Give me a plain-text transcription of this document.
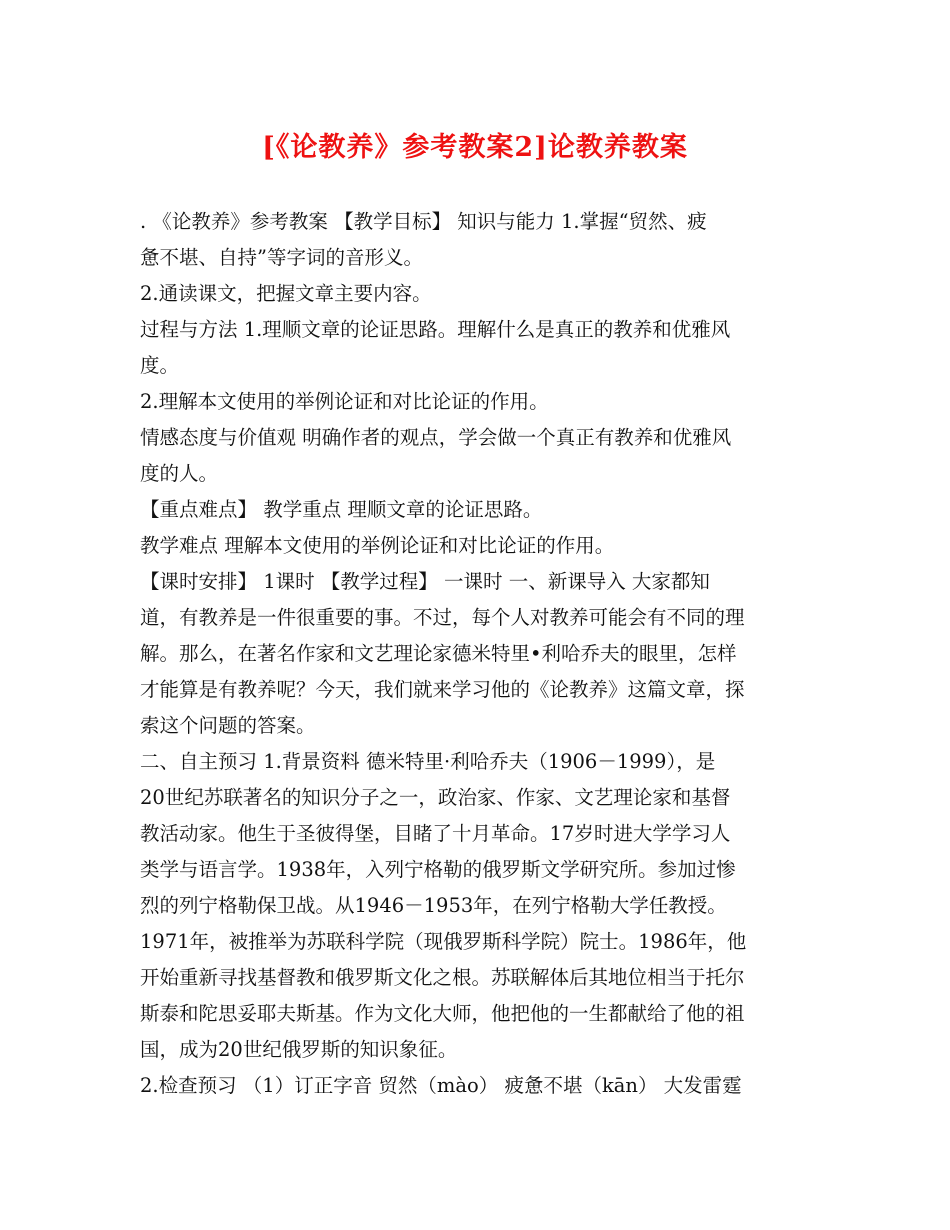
[《论教养》参考教案2]论教养教案
. 《论教养》参考教案 【教学目标】 知识与能力 1.掌握“贸然、疲
惫不堪、自持”等字词的音形义。
2.通读课文，把握文章主要内容。
过程与方法 1.理顺文章的论证思路。理解什么是真正的教养和优雅风
度。
2.理解本文使用的举例论证和对比论证的作用。
情感态度与价值观 明确作者的观点，学会做一个真正有教养和优雅风
度的人。
【重点难点】 教学重点 理顺文章的论证思路。
教学难点 理解本文使用的举例论证和对比论证的作用。
【课时安排】 1课时 【教学过程】 一课时 一、新课导入 大家都知
道，有教养是一件很重要的事。不过，每个人对教养可能会有不同的理
解。那么，在著名作家和文艺理论家德米特里•利哈乔夫的眼里，怎样
才能算是有教养呢？今天，我们就来学习他的《论教养》这篇文章，探
索这个问题的答案。
二、自主预习 1.背景资料 德米特里·利哈乔夫（1906－1999），是
20世纪苏联著名的知识分子之一，政治家、作家、文艺理论家和基督
教活动家。他生于圣彼得堡，目睹了十月革命。17岁时进大学学习人
类学与语言学。1938年，入列宁格勒的俄罗斯文学研究所。参加过惨
烈的列宁格勒保卫战。从1946－1953年，在列宁格勒大学任教授。
1971年，被推举为苏联科学院（现俄罗斯科学院）院士。1986年，他
开始重新寻找基督教和俄罗斯文化之根。苏联解体后其地位相当于托尔
斯泰和陀思妥耶夫斯基。作为文化大师，他把他的一生都献给了他的祖
国，成为20世纪俄罗斯的知识象征。
2.检查预习 （1）订正字音 贸然（mào） 疲惫不堪（kān） 大发雷霆
